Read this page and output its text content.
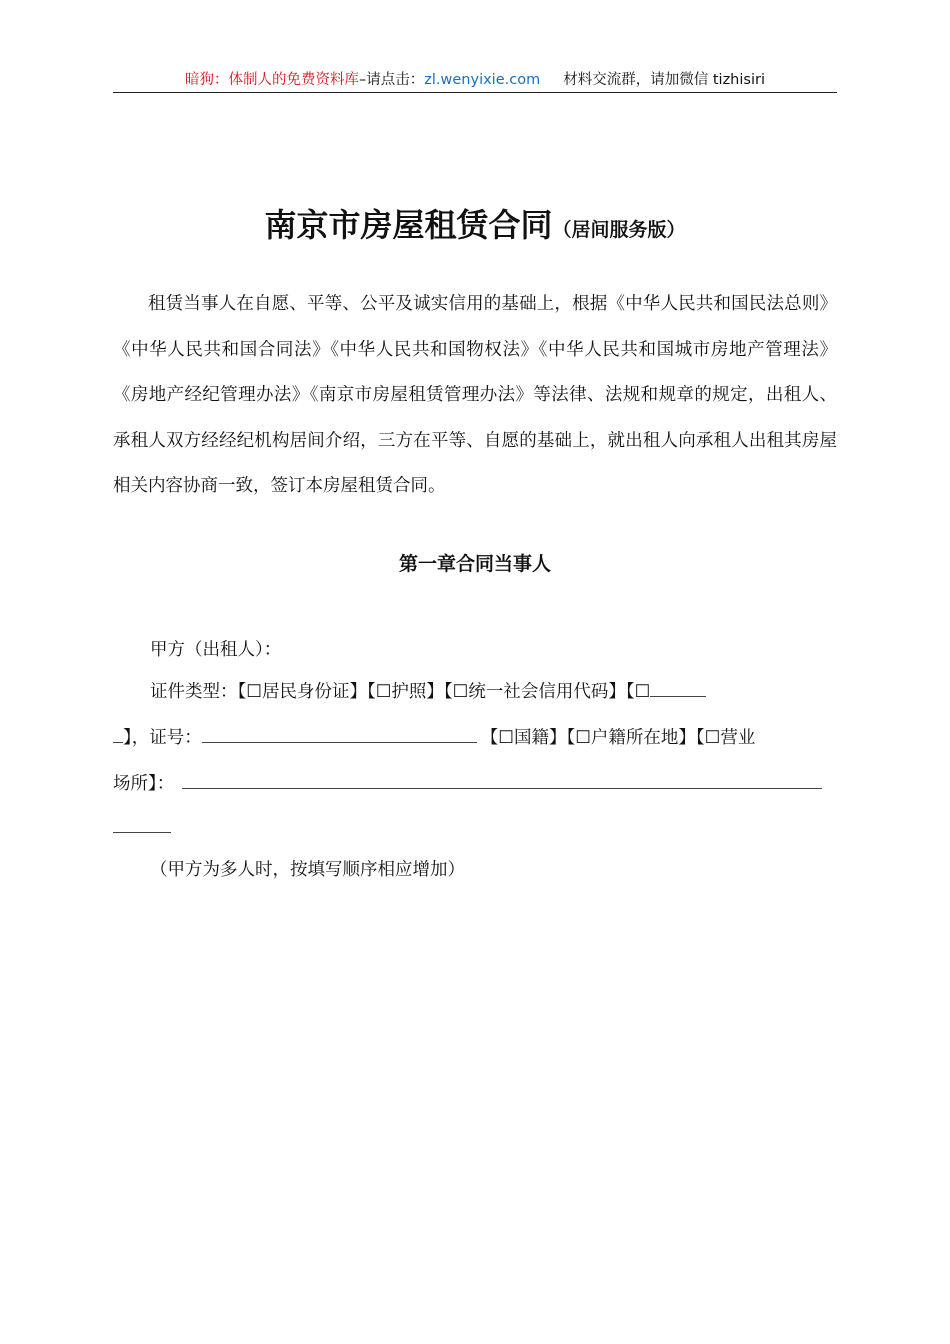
暗狗：体制人的免费资料库–请点击：zl.wenyixie.com 材料交流群，请加微信 tizhisiri
南京市房屋租赁合同（居间服务版）

租赁当事人在自愿、平等、公平及诚实信用的基础上，根据《中华人民共和国民法总则》《中华人民共和国合同法》《中华人民共和国物权法》《中华人民共和国城市房地产管理法》《房地产经纪管理办法》《南京市房屋租赁管理办法》等法律、法规和规章的规定，出租人、承租人双方经经纪机构居间介绍，三方在平等、自愿的基础上，就出租人向承租人出租其房屋相关内容协商一致，签订本房屋租赁合同。

第一章合同当事人
甲方（出租人）：
证件类型：【☐居民身份证】【☐护照】【☐统一社会信用代码】【☐
】，证号：	【☐国籍】【☐户籍所在地】【☐营业
场所】：
（甲方为多人时，按填写顺序相应增加）
